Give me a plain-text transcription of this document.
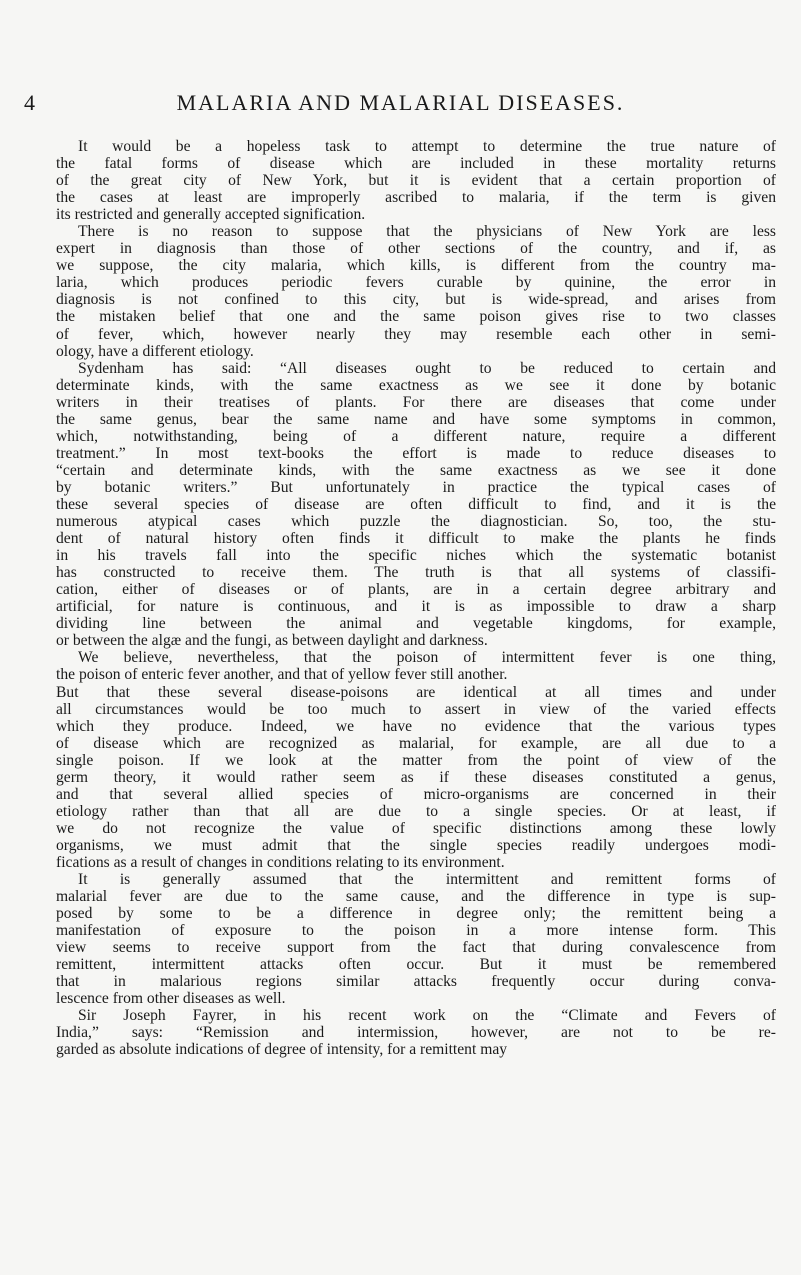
4	MALARIA AND MALARIAL DISEASES.
It would be a hopeless task to attempt to determine the true nature of
the fatal forms of disease which are included in these mortality returns
of the great city of New York, but it is evident that a certain proportion of
the cases at least are improperly ascribed to malaria, if the term is given
its restricted and generally accepted signification.
There is no reason to suppose that the physicians of New York are less
expert in diagnosis than those of other sections of the country, and if, as
we suppose, the city malaria, which kills, is different from the country ma-
laria, which produces periodic fevers curable by quinine, the error in
diagnosis is not confined to this city, but is wide-spread, and arises from
the mistaken belief that one and the same poison gives rise to two classes
of fever, which, however nearly they may resemble each other in semi-
ology, have a different etiology.
Sydenham has said: “All diseases ought to be reduced to certain and
determinate kinds, with the same exactness as we see it done by botanic
writers in their treatises of plants. For there are diseases that come under
the same genus, bear the same name and have some symptoms in common,
which, notwithstanding, being of a different nature, require a different
treatment.” In most text-books the effort is made to reduce diseases to
“certain and determinate kinds, with the same exactness as we see it done
by botanic writers.” But unfortunately in practice the typical cases of
these several species of disease are often difficult to find, and it is the
numerous atypical cases which puzzle the diagnostician. So, too, the stu-
dent of natural history often finds it difficult to make the plants he finds
in his travels fall into the specific niches which the systematic botanist
has constructed to receive them. The truth is that all systems of classifi-
cation, either of diseases or of plants, are in a certain degree arbitrary and
artificial, for nature is continuous, and it is as impossible to draw a sharp
dividing line between the animal and vegetable kingdoms, for example,
or between the algæ and the fungi, as between daylight and darkness.
We believe, nevertheless, that the poison of intermittent fever is one thing,
the poison of enteric fever another, and that of yellow fever still another.
But that these several disease-poisons are identical at all times and under
all circumstances would be too much to assert in view of the varied effects
which they produce. Indeed, we have no evidence that the various types
of disease which are recognized as malarial, for example, are all due to a
single poison. If we look at the matter from the point of view of the
germ theory, it would rather seem as if these diseases constituted a genus,
and that several allied species of micro-organisms are concerned in their
etiology rather than that all are due to a single species. Or at least, if
we do not recognize the value of specific distinctions among these lowly
organisms, we must admit that the single species readily undergoes modi-
fications as a result of changes in conditions relating to its environment.
It is generally assumed that the intermittent and remittent forms of
malarial fever are due to the same cause, and the difference in type is sup-
posed by some to be a difference in degree only; the remittent being a
manifestation of exposure to the poison in a more intense form. This
view seems to receive support from the fact that during convalescence from
remittent, intermittent attacks often occur. But it must be remembered
that in malarious regions similar attacks frequently occur during conva-
lescence from other diseases as well.
Sir Joseph Fayrer, in his recent work on the “Climate and Fevers of
India,” says: “Remission and intermission, however, are not to be re-
garded as absolute indications of degree of intensity, for a remittent may
